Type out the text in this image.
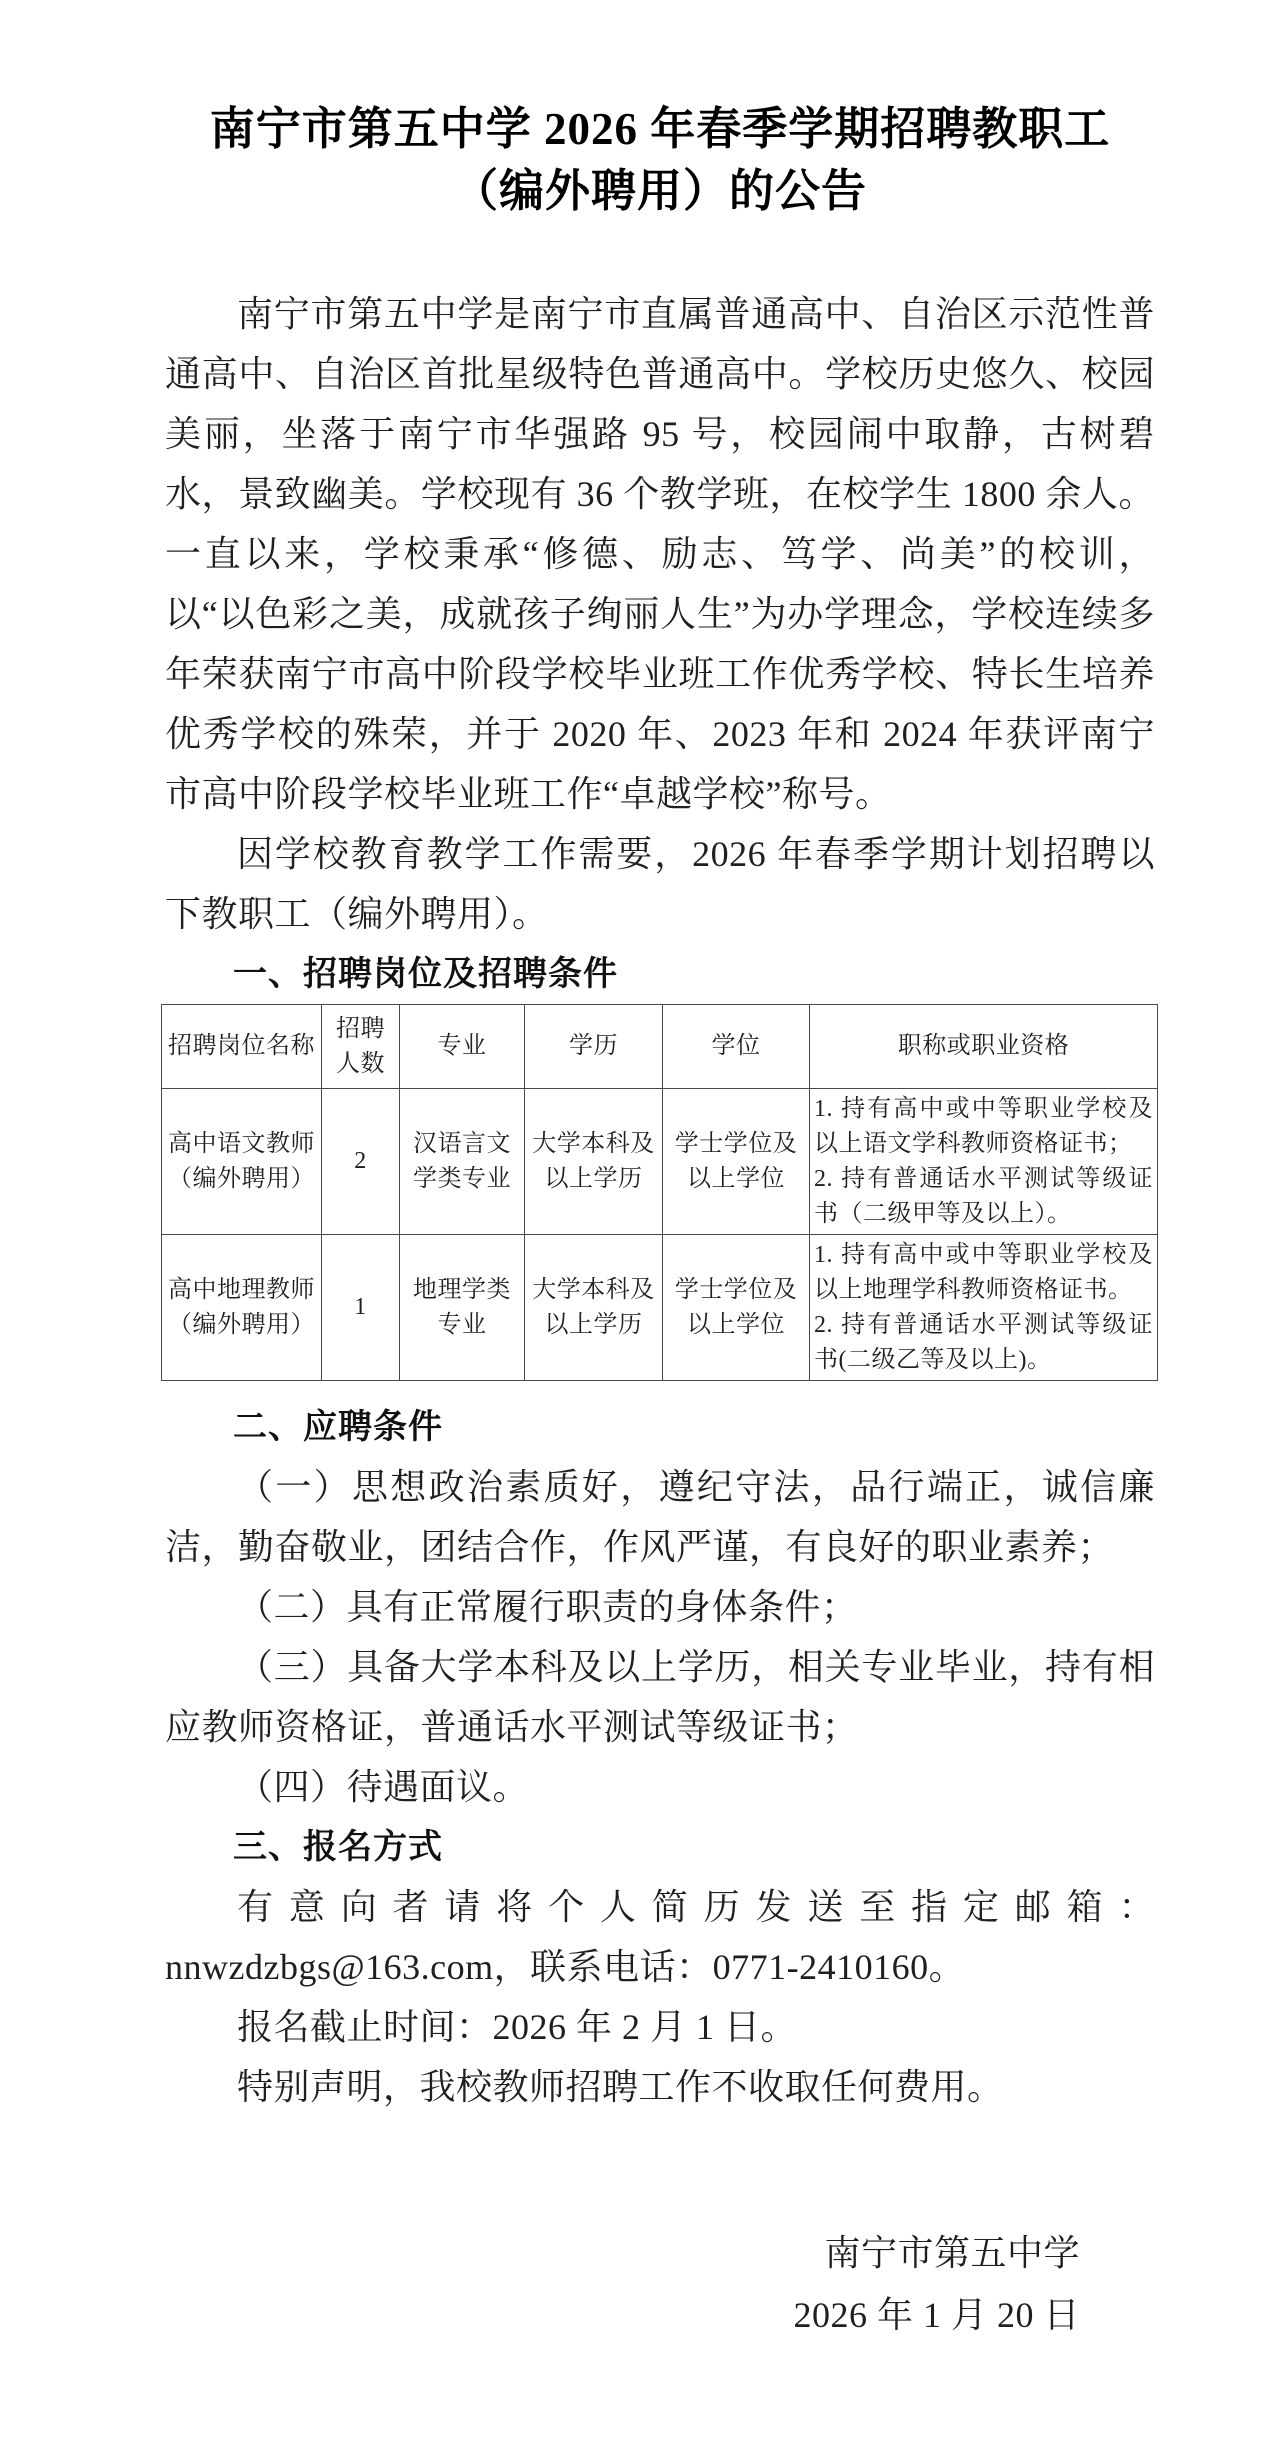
南宁市第五中学 2026 年春季学期招聘教职工
（编外聘用）的公告

南宁市第五中学是南宁市直属普通高中、自治区示范性普通高中、自治区首批星级特色普通高中。学校历史悠久、校园美丽，坐落于南宁市华强路 95 号，校园闹中取静，古树碧水，景致幽美。学校现有 36 个教学班，在校学生 1800 余人。一直以来，学校秉承“修德、励志、笃学、尚美”的校训，以“以色彩之美，成就孩子绚丽人生”为办学理念，学校连续多年荣获南宁市高中阶段学校毕业班工作优秀学校、特长生培养优秀学校的殊荣，并于 2020 年、2023 年和 2024 年获评南宁市高中阶段学校毕业班工作“卓越学校”称号。

因学校教育教学工作需要，2026 年春季学期计划招聘以下教职工（编外聘用）。

一、招聘岗位及招聘条件
招聘岗位名称	招聘人数	专业	学历	学位	职称或职业资格
高中语文教师（编外聘用）	2	汉语言文学类专业	大学本科及以上学历	学士学位及以上学位	1. 持有高中或中等职业学校及以上语文学科教师资格证书；
2. 持有普通话水平测试等级证书（二级甲等及以上）。

高中地理教师（编外聘用）	1	地理学类专业	大学本科及以上学历	学士学位及以上学位	1. 持有高中或中等职业学校及以上地理学科教师资格证书。
2. 持有普通话水平测试等级证书(二级乙等及以上)。
二、应聘条件

（一）思想政治素质好，遵纪守法，品行端正，诚信廉洁，勤奋敬业，团结合作，作风严谨，有良好的职业素养；

（二）具有正常履行职责的身体条件；

（三）具备大学本科及以上学历，相关专业毕业，持有相应教师资格证，普通话水平测试等级证书；

（四）待遇面议。

三、报名方式

有意向者请将个人简历发送至指定邮箱：nnwzdzbgs@163.com，联系电话：0771-2410160。

报名截止时间：2026 年 2 月 1 日。

特别声明，我校教师招聘工作不收取任何费用。

南宁市第五中学
2026 年 1 月 20 日
